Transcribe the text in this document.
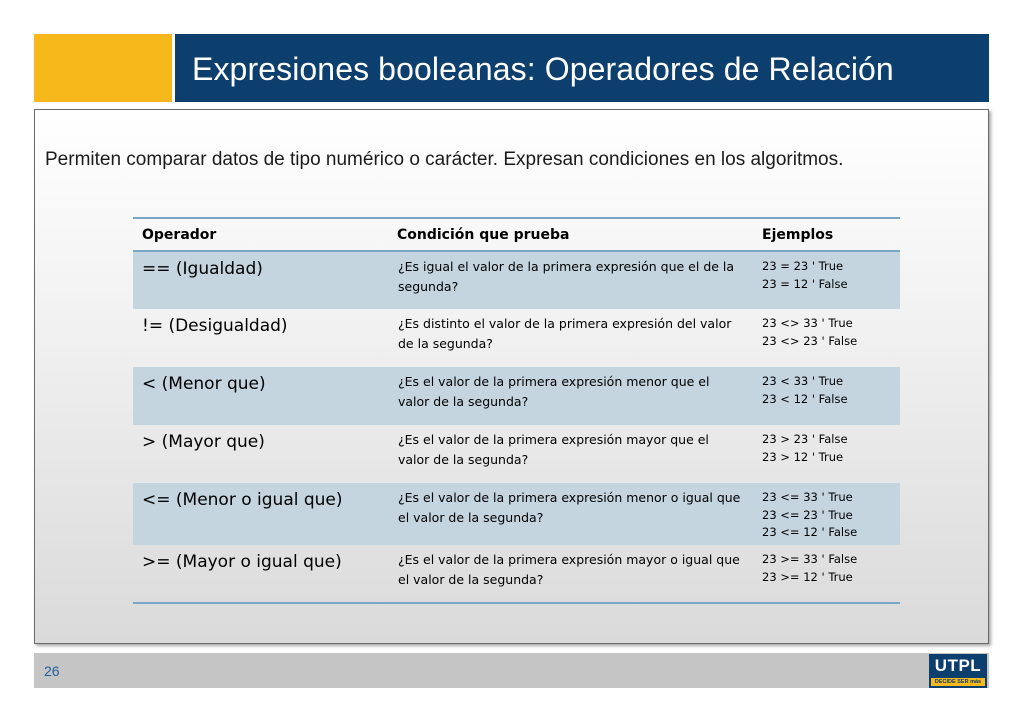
Expresiones booleanas: Operadores de Relación
Permiten comparar datos de tipo numérico o carácter. Expresan condiciones en los algoritmos.
Operador	Condición que prueba	Ejemplos
== (Igualdad)	¿Es igual el valor de la primera expresión que el de la segunda?	23 = 23 ' True
23 = 12 ' False

!= (Desigualdad)	¿Es distinto el valor de la primera expresión del valor de la segunda?	23 <> 33 ' True
23 <> 23 ' False

< (Menor que)	¿Es el valor de la primera expresión menor que el valor de la segunda?	23 < 33 ' True
23 < 12 ' False

> (Mayor que)	¿Es el valor de la primera expresión mayor que el valor de la segunda?	23 > 23 ' False
23 > 12 ' True

<= (Menor o igual que)	¿Es el valor de la primera expresión menor o igual que el valor de la segunda?	23 <= 33 ' True
23 <= 23 ' True
23 <= 12 ' False

>= (Mayor o igual que)	¿Es el valor de la primera expresión mayor o igual que el valor de la segunda?	23 >= 33 ' False
23 >= 12 ' True
26	UTPL
DECIDE SER más
